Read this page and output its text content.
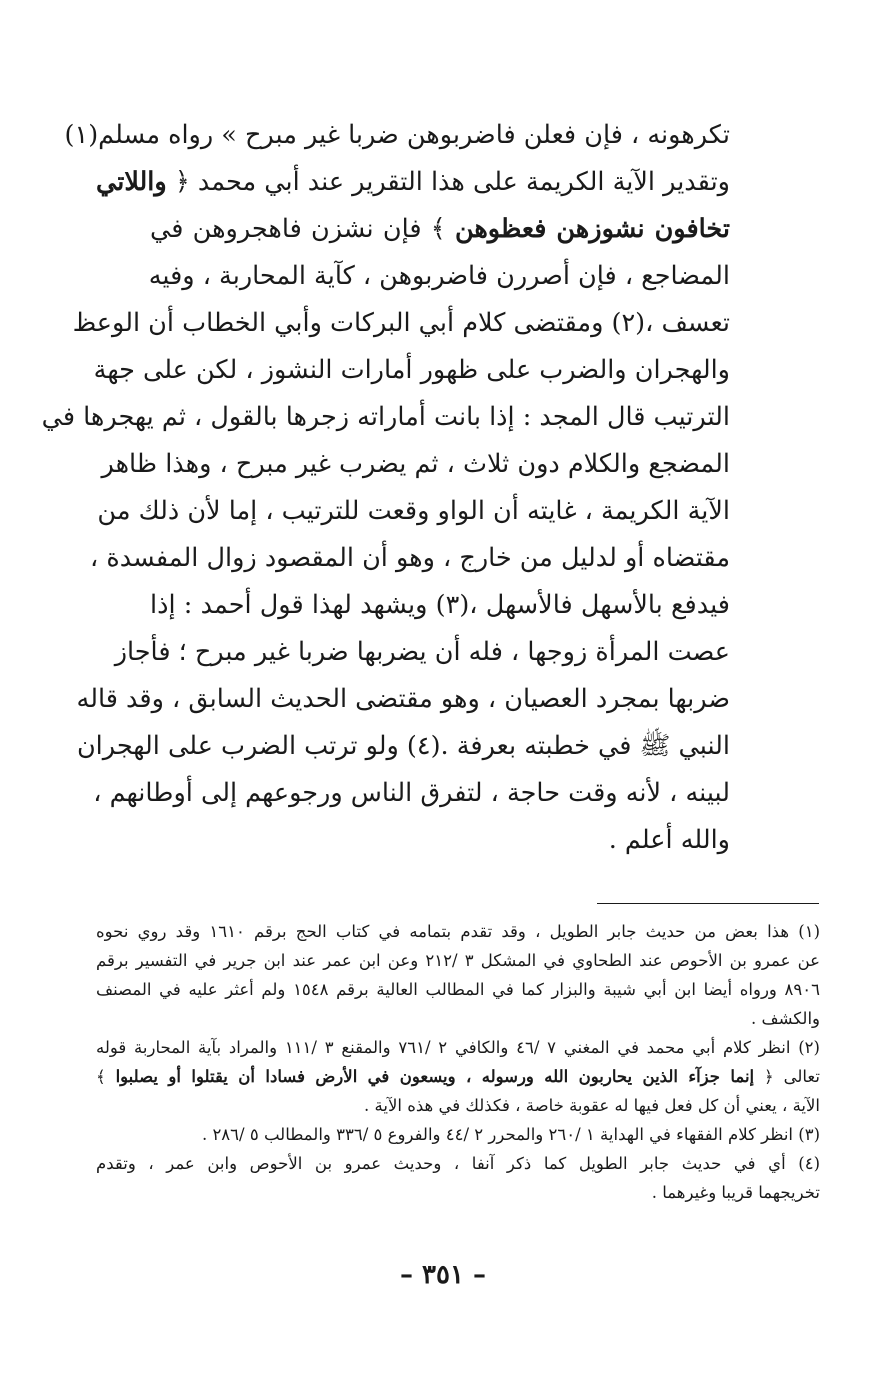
تكرهونه ، فإن فعلن فاضربوهن ضربا غير مبرح » رواه مسلم(١)
وتقدير الآية الكريمة على هذا التقرير عند أبي محمد ﴿ واللاتي
تخافون نشوزهن فعظوهن ﴾ فإن نشزن فاهجروهن في
المضاجع ، فإن أصررن فاضربوهن ، كآية المحاربة ، وفيه
تعسف ،(٢) ومقتضى كلام أبي البركات وأبي الخطاب أن الوعظ
والهجران والضرب على ظهور أمارات النشوز ، لكن على جهة
الترتيب قال المجد : إذا بانت أماراته زجرها بالقول ، ثم يهجرها في
المضجع والكلام دون ثلاث ، ثم يضرب غير مبرح ، وهذا ظاهر
الآية الكريمة ، غايته أن الواو وقعت للترتيب ، إما لأن ذلك من
مقتضاه أو لدليل من خارج ، وهو أن المقصود زوال المفسدة ،
فيدفع بالأسهل فالأسهل ،(٣) ويشهد لهذا قول أحمد : إذا
عصت المرأة زوجها ، فله أن يضربها ضربا غير مبرح ؛ فأجاز
ضربها بمجرد العصيان ، وهو مقتضى الحديث السابق ، وقد قاله
النبي ﷺ في خطبته بعرفة .(٤) ولو ترتب الضرب على الهجران
لبينه ، لأنه وقت حاجة ، لتفرق الناس ورجوعهم إلى أوطانهم ،
والله أعلم .
(١) هذا بعض من حديث جابر الطويل ، وقد تقدم بتمامه في كتاب الحج برقم ١٦١٠ وقد روي نحوه
عن عمرو بن الأحوص عند الطحاوي في المشكل ٣ /٢١٢ وعن ابن عمر عند ابن جرير في التفسير برقم
٨٩٠٦ ورواه أيضا ابن أبي شيبة والبزار كما في المطالب العالية برقم ١٥٤٨ ولم أعثر عليه في المصنف
والكشف .
(٢) انظر كلام أبي محمد في المغني ٧ /٤٦ والكافي ٢ /٧٦١ والمقنع ٣ /١١١ والمراد بآية المحاربة قوله
تعالى ﴿ إنما جزآء الذين يحاربون الله ورسوله ، ويسعون في الأرض فسادا أن يقتلوا أو يصلبوا ﴾
الآية ، يعني أن كل فعل فيها له عقوبة خاصة ، فكذلك في هذه الآية .
(٣) انظر كلام الفقهاء في الهداية ١ /٢٦٠ والمحرر ٢ /٤٤ والفروع ٥ /٣٣٦ والمطالب ٥ /٢٨٦ .
(٤) أي في حديث جابر الطويل كما ذكر آنفا ، وحديث عمرو بن الأحوص وابن عمر ، وتقدم
تخريجهما قريبا وغيرهما .
– ٣٥١ –
